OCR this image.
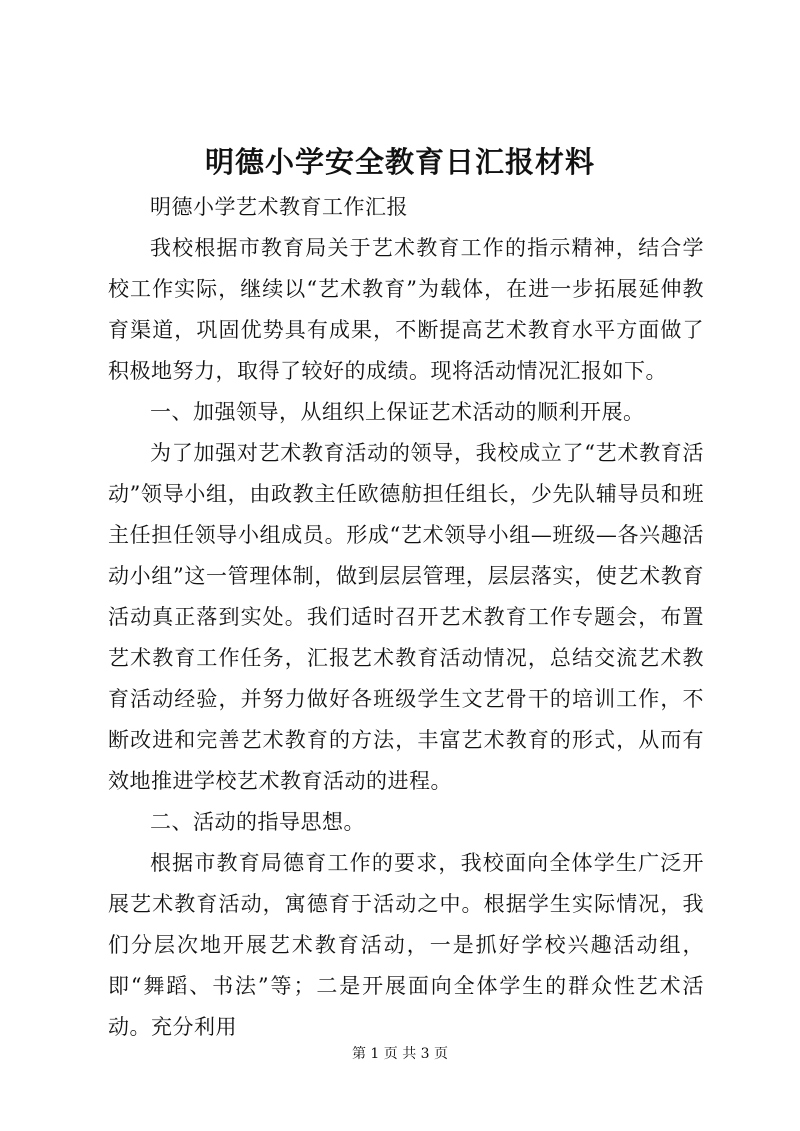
明德小学安全教育日汇报材料

明德小学艺术教育工作汇报

我校根据市教育局关于艺术教育工作的指示精神，结合学校工作实际，继续以“艺术教育”为载体，在进一步拓展延伸教育渠道，巩固优势具有成果，不断提高艺术教育水平方面做了积极地努力，取得了较好的成绩。现将活动情况汇报如下。

一、加强领导，从组织上保证艺术活动的顺利开展。

为了加强对艺术教育活动的领导，我校成立了“艺术教育活动”领导小组，由政教主任欧德舫担任组长，少先队辅导员和班主任担任领导小组成员。形成“艺术领导小组—班级—各兴趣活动小组”这一管理体制，做到层层管理，层层落实，使艺术教育活动真正落到实处。我们适时召开艺术教育工作专题会，布置艺术教育工作任务，汇报艺术教育活动情况，总结交流艺术教育活动经验，并努力做好各班级学生文艺骨干的培训工作，不断改进和完善艺术教育的方法，丰富艺术教育的形式，从而有效地推进学校艺术教育活动的进程。

二、活动的指导思想。

根据市教育局德育工作的要求，我校面向全体学生广泛开展艺术教育活动，寓德育于活动之中。根据学生实际情况，我们分层次地开展艺术教育活动，一是抓好学校兴趣活动组，即“舞蹈、书法”等；二是开展面向全体学生的群众性艺术活动。充分利用

第 1 页 共 3 页
